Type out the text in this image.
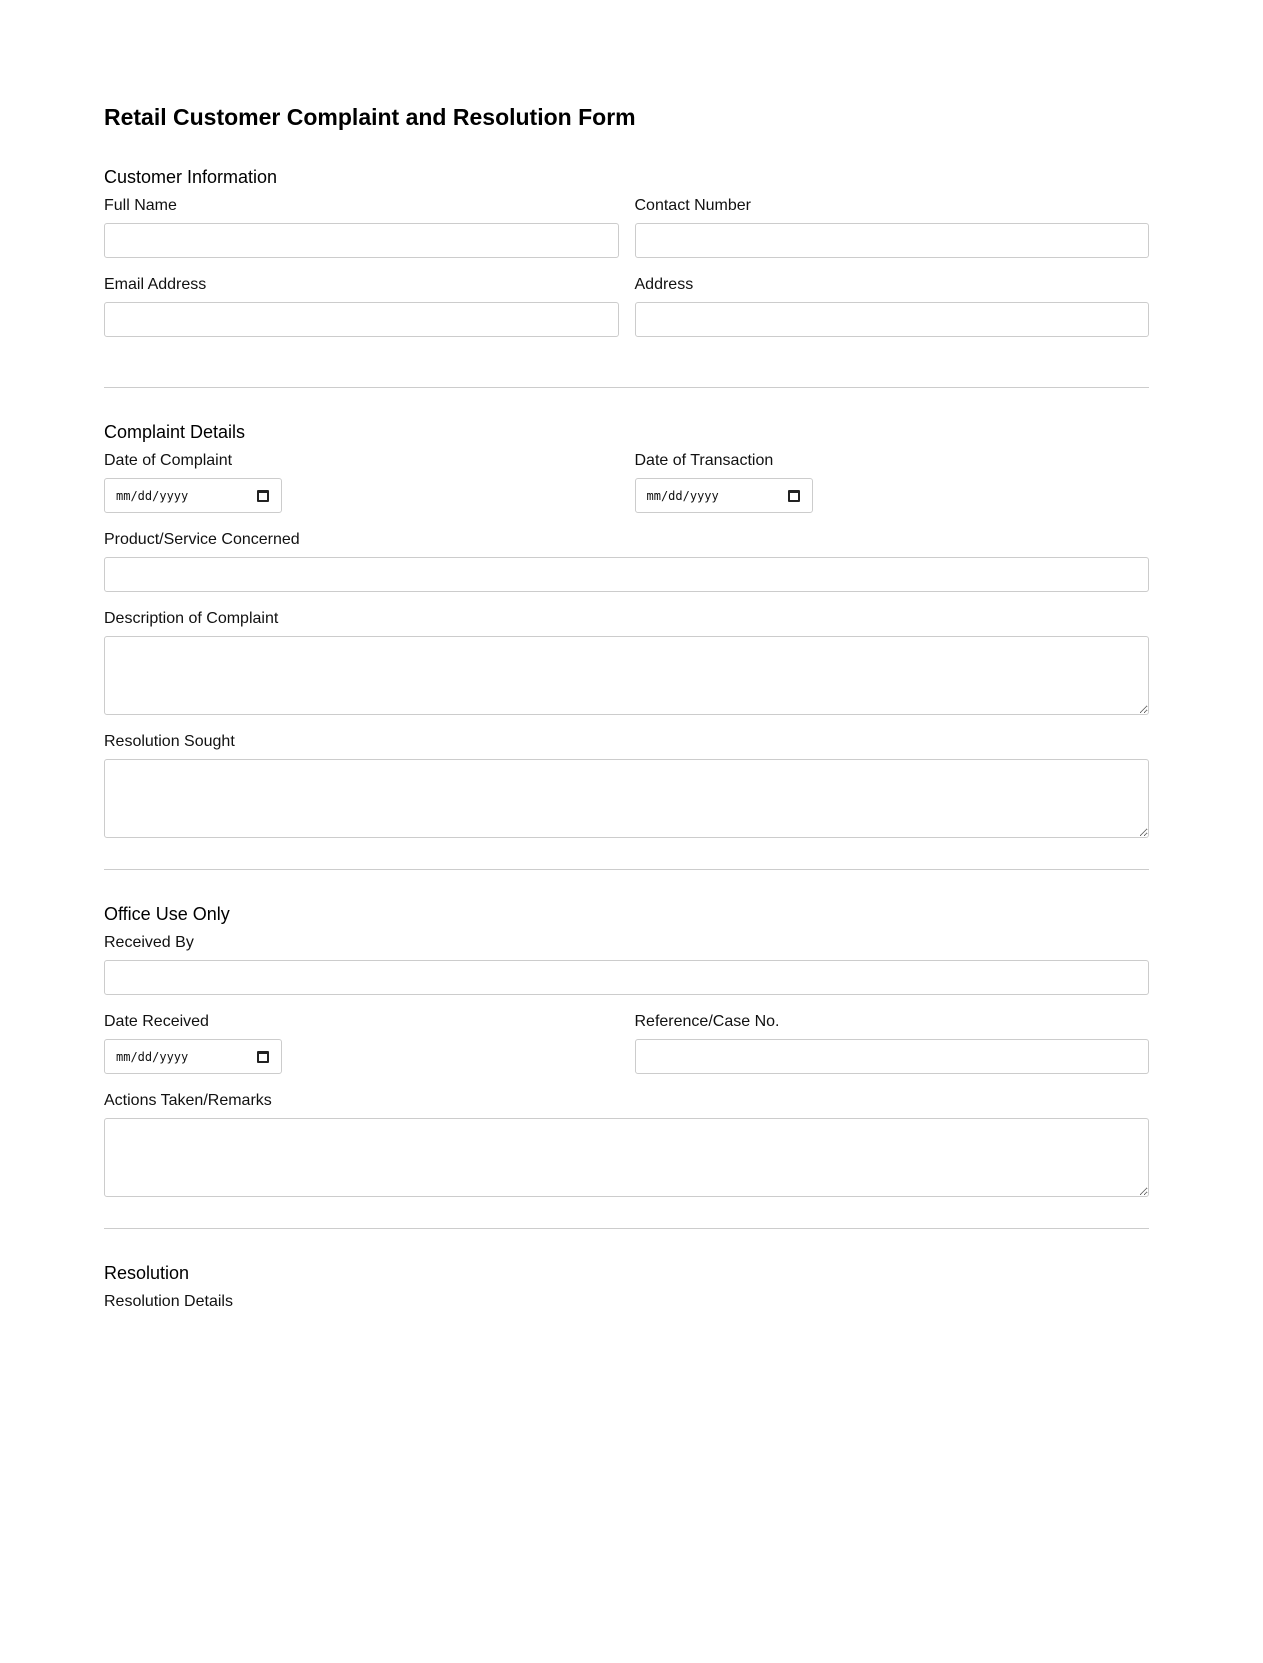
Retail Customer Complaint and Resolution Form
Customer Information
Full Name	Contact Number
Email Address	Address
Complaint Details
Date of Complaint
mm/dd/yyyy
Date of Transaction
mm/dd/yyyy
Product/Service Concerned
Description of Complaint
Resolution Sought
Office Use Only
Received By
Date Received
mm/dd/yyyy
Reference/Case No.
Actions Taken/Remarks
Resolution
Resolution Details
